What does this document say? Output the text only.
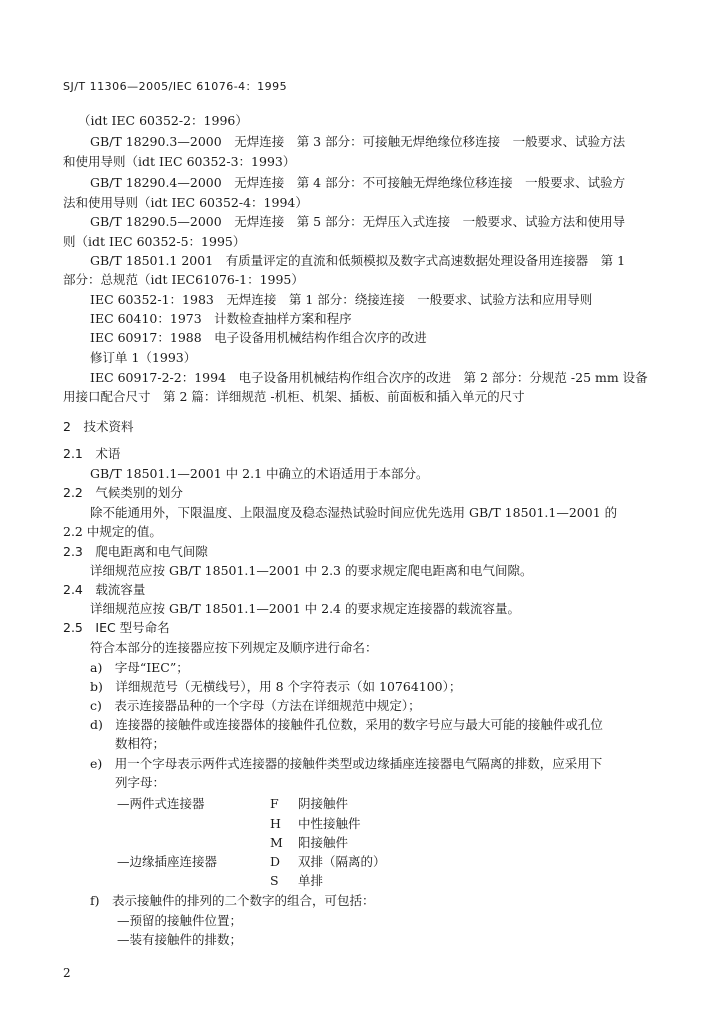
SJ/T 11306—2005/IEC 61076-4：1995
（idt IEC 60352-2：1996）
GB/T 18290.3—2000　无焊连接　第 3 部分：可接触无焊绝缘位移连接　一般要求、试验方法
和使用导则（idt IEC 60352-3：1993）
GB/T 18290.4—2000　无焊连接　第 4 部分：不可接触无焊绝缘位移连接　一般要求、试验方
法和使用导则（idt IEC 60352-4：1994）
GB/T 18290.5—2000　无焊连接　第 5 部分：无焊压入式连接　一般要求、试验方法和使用导
则（idt IEC 60352-5：1995）
GB/T 18501.1 2001　有质量评定的直流和低频模拟及数字式高速数据处理设备用连接器　第 1
部分：总规范（idt IEC61076-1：1995）
IEC 60352-1：1983　无焊连接　第 1 部分：绕接连接　一般要求、试验方法和应用导则
IEC 60410：1973　计数检查抽样方案和程序
IEC 60917：1988　电子设备用机械结构作组合次序的改进
修订单 1（1993）
IEC 60917-2-2：1994　电子设备用机械结构作组合次序的改进　第 2 部分：分规范 -25 mm 设备
用接口配合尺寸　第 2 篇：详细规范 -机柜、机架、插板、前面板和插入单元的尺寸
2　技术资料
2.1　术语
GB/T 18501.1—2001 中 2.1 中确立的术语适用于本部分。
2.2　气候类别的划分
除不能通用外，下限温度、上限温度及稳态湿热试验时间应优先选用 GB/T 18501.1—2001 的
2.2 中规定的值。
2.3　爬电距离和电气间隙
详细规范应按 GB/T 18501.1—2001 中 2.3 的要求规定爬电距离和电气间隙。
2.4　载流容量
详细规范应按 GB/T 18501.1—2001 中 2.4 的要求规定连接器的载流容量。
2.5　IEC 型号命名
符合本部分的连接器应按下列规定及顺序进行命名：
a)　字母“IEC”；
b)　详细规范号（无横线号），用 8 个字符表示（如 10764100）；
c)　表示连接器品种的一个字母（方法在详细规范中规定）；
d)　连接器的接触件或连接器体的接触件孔位数，采用的数字号应与最大可能的接触件或孔位
　　数相符；
e)　用一个字母表示两件式连接器的接触件类型或边缘插座连接器电气隔离的排数，应采用下
　　列字母：
—两件式连接器	F 阴接触件
H 中性接触件
M 阳接触件
—边缘插座连接器	D 双排（隔离的）
S 单排
f)　表示接触件的排列的二个数字的组合，可包括：
—预留的接触件位置；
—装有接触件的排数；
2
